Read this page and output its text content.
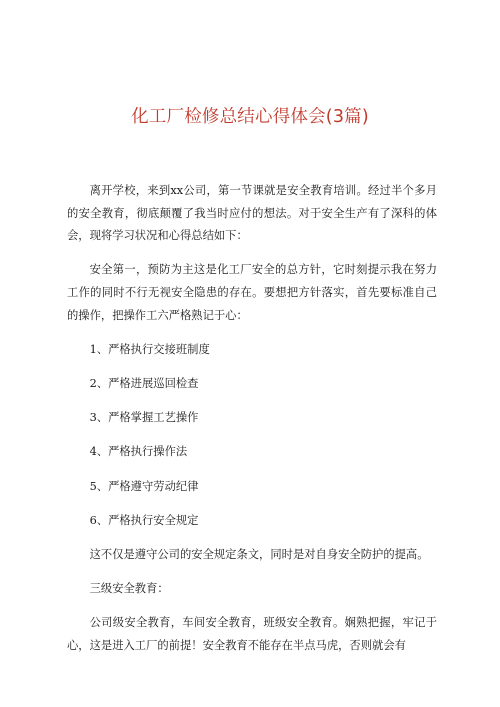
化工厂检修总结心得体会(3篇)

离开学校，来到xx公司，第一节课就是安全教育培训。经过半个多月的安全教育，彻底颠覆了我当时应付的想法。对于安全生产有了深科的体会，现将学习状况和心得总结如下：

安全第一，预防为主这是化工厂安全的总方针，它时刻提示我在努力工作的同时不行无视安全隐患的存在。要想把方针落实，首先要标准自己的操作，把操作工六严格熟记于心：

1、严格执行交接班制度

2、严格进展巡回检查

3、严格掌握工艺操作

4、严格执行操作法

5、严格遵守劳动纪律

6、严格执行安全规定

这不仅是遵守公司的安全规定条文，同时是对自身安全防护的提高。

三级安全教育：

公司级安全教育，车间安全教育，班级安全教育。娴熟把握，牢记于心，这是进入工厂的前提！安全教育不能存在半点马虎，否则就会有
